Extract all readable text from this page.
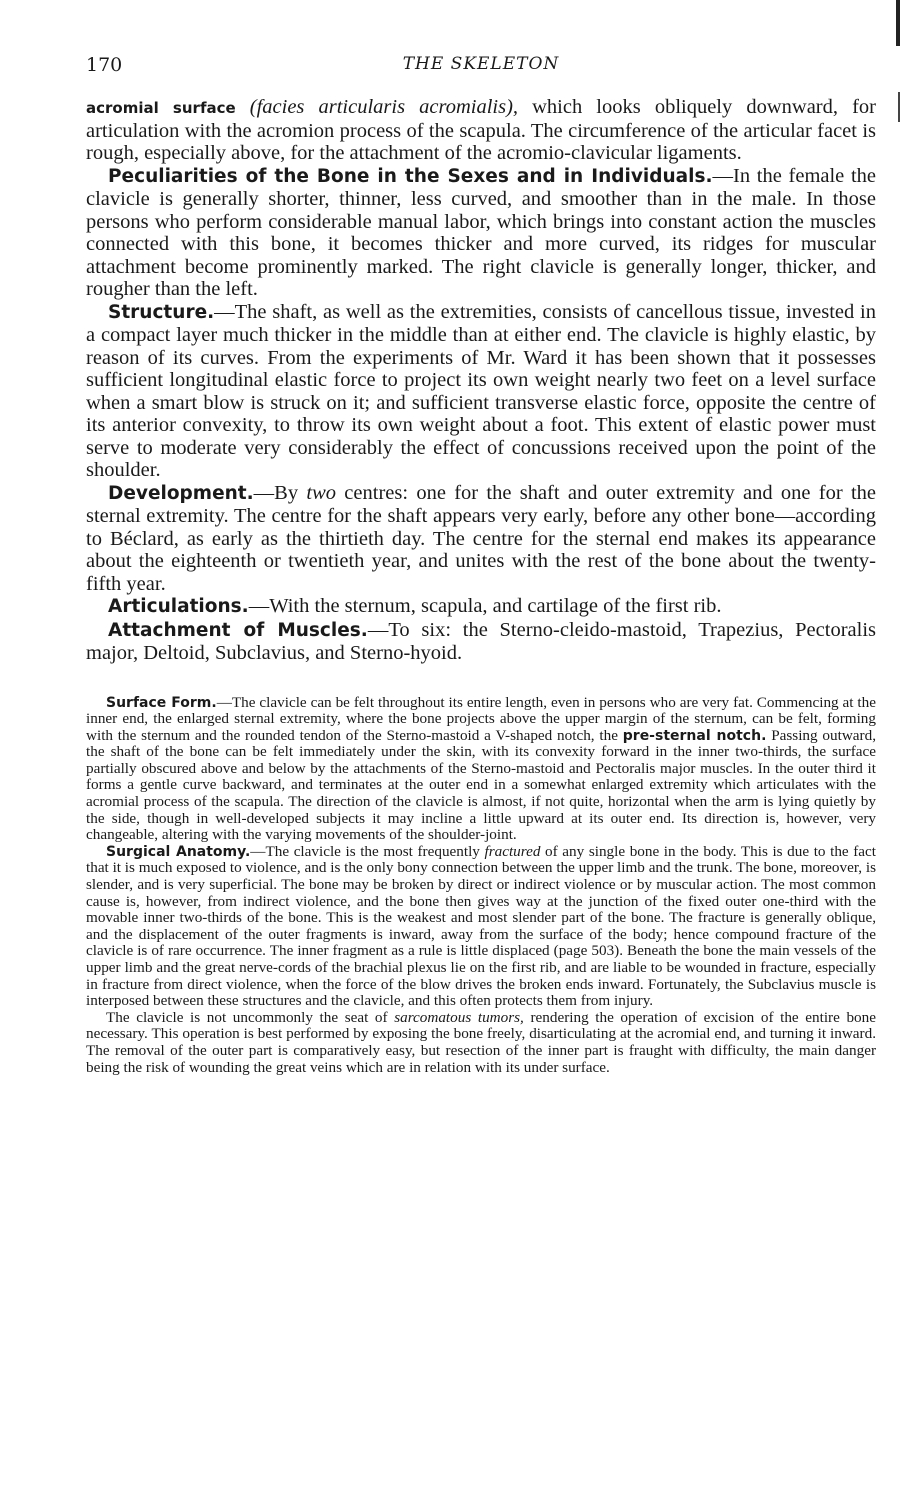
170	THE SKELETON

acromial surface (facies articularis acromialis), which looks obliquely downward, for articulation with the acromion process of the scapula. The circumference of the articular facet is rough, especially above, for the attachment of the acromio-clavicular ligaments.

Peculiarities of the Bone in the Sexes and in Individuals.—In the female the clavicle is generally shorter, thinner, less curved, and smoother than in the male. In those persons who perform considerable manual labor, which brings into constant action the muscles connected with this bone, it becomes thicker and more curved, its ridges for muscular attachment become prominently marked. The right clavicle is generally longer, thicker, and rougher than the left.

Structure.—The shaft, as well as the extremities, consists of cancellous tissue, invested in a compact layer much thicker in the middle than at either end. The clavicle is highly elastic, by reason of its curves. From the experiments of Mr. Ward it has been shown that it possesses sufficient longitudinal elastic force to project its own weight nearly two feet on a level surface when a smart blow is struck on it; and sufficient transverse elastic force, opposite the centre of its anterior convexity, to throw its own weight about a foot. This extent of elastic power must serve to moderate very considerably the effect of concussions received upon the point of the shoulder.

Development.—By two centres: one for the shaft and outer extremity and one for the sternal extremity. The centre for the shaft appears very early, before any other bone—according to Béclard, as early as the thirtieth day. The centre for the sternal end makes its appearance about the eighteenth or twentieth year, and unites with the rest of the bone about the twenty-fifth year.

Articulations.—With the sternum, scapula, and cartilage of the first rib.

Attachment of Muscles.—To six: the Sterno-cleido-mastoid, Trapezius, Pectoralis major, Deltoid, Subclavius, and Sterno-hyoid.

Surface Form.—The clavicle can be felt throughout its entire length, even in persons who are very fat. Commencing at the inner end, the enlarged sternal extremity, where the bone projects above the upper margin of the sternum, can be felt, forming with the sternum and the rounded tendon of the Sterno-mastoid a V-shaped notch, the pre-sternal notch. Passing outward, the shaft of the bone can be felt immediately under the skin, with its convexity forward in the inner two-thirds, the surface partially obscured above and below by the attachments of the Sterno-mastoid and Pectoralis major muscles. In the outer third it forms a gentle curve backward, and terminates at the outer end in a somewhat enlarged extremity which articulates with the acromial process of the scapula. The direction of the clavicle is almost, if not quite, horizontal when the arm is lying quietly by the side, though in well-developed subjects it may incline a little upward at its outer end. Its direction is, however, very changeable, altering with the varying movements of the shoulder-joint.

Surgical Anatomy.—The clavicle is the most frequently fractured of any single bone in the body. This is due to the fact that it is much exposed to violence, and is the only bony connection between the upper limb and the trunk. The bone, moreover, is slender, and is very superficial. The bone may be broken by direct or indirect violence or by muscular action. The most common cause is, however, from indirect violence, and the bone then gives way at the junction of the fixed outer one-third with the movable inner two-thirds of the bone. This is the weakest and most slender part of the bone. The fracture is generally oblique, and the displacement of the outer fragments is inward, away from the surface of the body; hence compound fracture of the clavicle is of rare occurrence. The inner fragment as a rule is little displaced (page 503). Beneath the bone the main vessels of the upper limb and the great nerve-cords of the brachial plexus lie on the first rib, and are liable to be wounded in fracture, especially in fracture from direct violence, when the force of the blow drives the broken ends inward. Fortunately, the Subclavius muscle is interposed between these structures and the clavicle, and this often protects them from injury.

The clavicle is not uncommonly the seat of sarcomatous tumors, rendering the operation of excision of the entire bone necessary. This operation is best performed by exposing the bone freely, disarticulating at the acromial end, and turning it inward. The removal of the outer part is comparatively easy, but resection of the inner part is fraught with difficulty, the main danger being the risk of wounding the great veins which are in relation with its under surface.
